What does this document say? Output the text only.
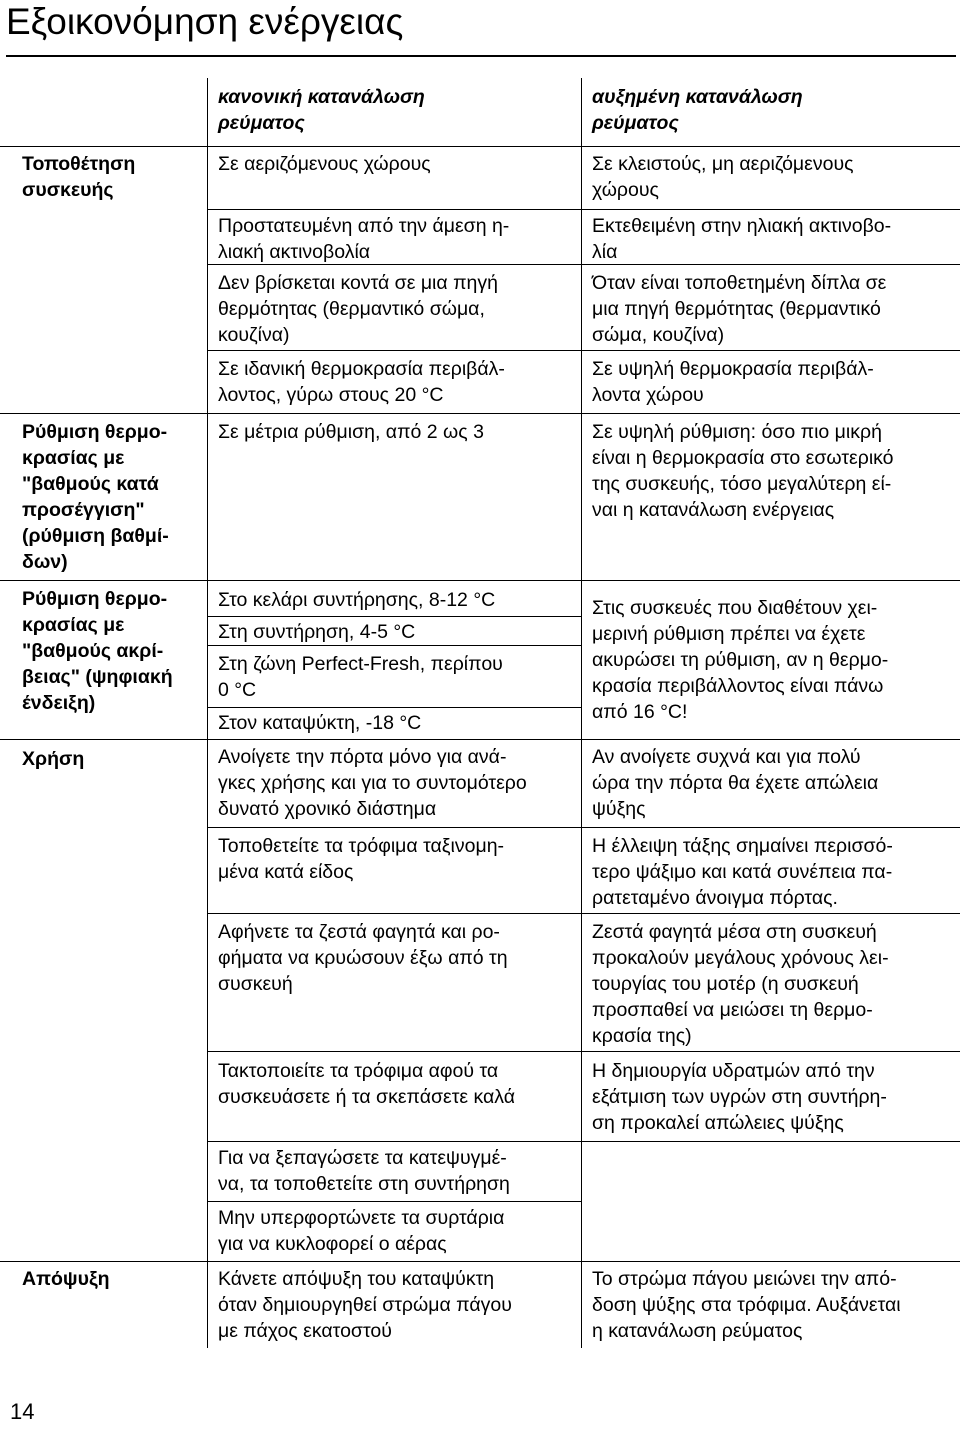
Εξοικονόμηση ενέργειας
κανονική κατανάλωση
ρεύματος
αυξημένη κατανάλωση
ρεύματος
Τοποθέτηση
συσκευής
Ρύθμιση θερμο-
κρασίας με
"βαθμούς κατά
προσέγγιση"
(ρύθμιση βαθμί-
δων)
Ρύθμιση θερμο-
κρασίας με
"βαθμούς ακρί-
βειας" (ψηφιακή
ένδειξη)
Χρήση
Απόψυξη
Σε αεριζόμενους χώρους	Σε κλειστούς, μη αεριζόμενους
χώρους
Προστατευμένη από την άμεση η-
λιακή ακτινοβολία
Εκτεθειμένη στην ηλιακή ακτινοβο-
λία
Δεν βρίσκεται κοντά σε μια πηγή
θερμότητας (θερμαντικό σώμα,
κουζίνα)
Όταν είναι τοποθετημένη δίπλα σε
μια πηγή θερμότητας (θερμαντικό
σώμα, κουζίνα)
Σε ιδανική θερμοκρασία περιβάλ-
λοντος, γύρω στους 20 °C
Σε υψηλή θερμοκρασία περιβάλ-
λοντα χώρου
Σε μέτρια ρύθμιση, από 2 ως 3	Σε υψηλή ρύθμιση: όσο πιο μικρή
είναι η θερμοκρασία στο εσωτερικό
της συσκευής, τόσο μεγαλύτερη εί-
ναι η κατανάλωση ενέργειας
Στο κελάρι συντήρησης, 8-12 °C
Στη συντήρηση, 4-5 °C
Στη ζώνη Perfect-Fresh, περίπου
0 °C
Στον καταψύκτη, -18 °C
Στις συσκευές που διαθέτουν χει-
μερινή ρύθμιση πρέπει να έχετε
ακυρώσει τη ρύθμιση, αν η θερμο-
κρασία περιβάλλοντος είναι πάνω
από 16 °C!
Ανοίγετε την πόρτα μόνο για ανά-
γκες χρήσης και για το συντομότερο
δυνατό χρονικό διάστημα
Αν ανοίγετε συχνά και για πολύ
ώρα την πόρτα θα έχετε απώλεια
ψύξης
Τοποθετείτε τα τρόφιμα ταξινομη-
μένα κατά είδος
Η έλλειψη τάξης σημαίνει περισσό-
τερο ψάξιμο και κατά συνέπεια πα-
ρατεταμένο άνοιγμα πόρτας.
Αφήνετε τα ζεστά φαγητά και ρο-
φήματα να κρυώσουν έξω από τη
συσκευή
Ζεστά φαγητά μέσα στη συσκευή
προκαλούν μεγάλους χρόνους λει-
τουργίας του μοτέρ (η συσκευή
προσπαθεί να μειώσει τη θερμο-
κρασία της)
Τακτοποιείτε τα τρόφιμα αφού τα
συσκευάσετε ή τα σκεπάσετε καλά
Η δημιουργία υδρατμών από την
εξάτμιση των υγρών στη συντήρη-
ση προκαλεί απώλειες ψύξης
Για να ξεπαγώσετε τα κατεψυγμέ-
να, τα τοποθετείτε στη συντήρηση
Μην υπερφορτώνετε τα συρτάρια
για να κυκλοφορεί ο αέρας
Κάνετε απόψυξη του καταψύκτη
όταν δημιουργηθεί στρώμα πάγου
με πάχος εκατοστού
Το στρώμα πάγου μειώνει την από-
δοση ψύξης στα τρόφιμα. Αυξάνεται
η κατανάλωση ρεύματος
14
